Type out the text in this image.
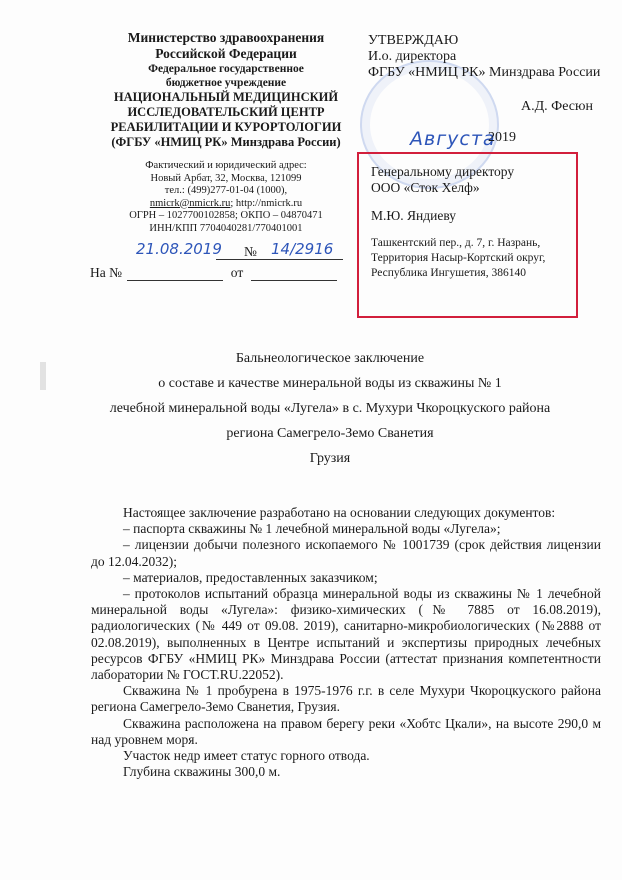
Министерство здравоохранения
Российской Федерации
Федеральное государственное
бюджетное учреждение
НАЦИОНАЛЬНЫЙ МЕДИЦИНСКИЙ
ИССЛЕДОВАТЕЛЬСКИЙ ЦЕНТР
РЕАБИЛИТАЦИИ И КУРОРТОЛОГИИ
(ФГБУ «НМИЦ РК» Минздрава России)
Фактический и юридический адрес:
Новый Арбат, 32, Москва, 121099
тел.: (499)277-01-04 (1000),
nmicrk@nmicrk.ru; http://nmicrk.ru
ОГРН – 1027700102858; ОКПО – 04870471
ИНН/КПП 7704040281/770401001
21.08.2019 № 14/2916
На №	от
УТВЕРЖДАЮ
И.о. директора
ФГБУ «НМИЦ РК» Минздрава России
А.Д. Фесюн
Августа
2019
Генеральному директору
ООО «Сток Хелф»
М.Ю. Яндиеву
Ташкентский пер., д. 7, г. Назрань,
Территория Насыр-Кортский округ,
Республика Ингушетия, 386140
Бальнеологическое заключение
о составе и качестве минеральной воды из скважины № 1
лечебной минеральной воды «Лугела» в с. Мухури Чкороцкуского района
региона Самегрело-Земо Сванетия
Грузия

Настоящее заключение разработано на основании следующих документов:

– паспорта скважины № 1 лечебной минеральной воды «Лугела»;

– лицензии добычи полезного ископаемого № 1001739 (срок действия лицензии до 12.04.2032);

– материалов, предоставленных заказчиком;

– протоколов испытаний образца минеральной воды из скважины № 1 лечебной минеральной воды «Лугела»: физико-химических (№ 7885 от 16.08.2019), радиологических (№ 449 от 09.08. 2019), санитарно-микробиологических (№2888 от 02.08.2019), выполненных в Центре испытаний и экспертизы природных лечебных ресурсов ФГБУ «НМИЦ РК» Минздрава России (аттестат признания компетентности лаборатории № ГОСТ.RU.22052).

Скважина № 1 пробурена в 1975-1976 г.г. в селе Мухури Чкороцкуского района региона Самегрело-Земо Сванетия, Грузия.

Скважина расположена на правом берегу реки «Хобтс Цкали», на высоте 290,0 м над уровнем моря.

Участок недр имеет статус горного отвода.

Глубина скважины 300,0 м.
